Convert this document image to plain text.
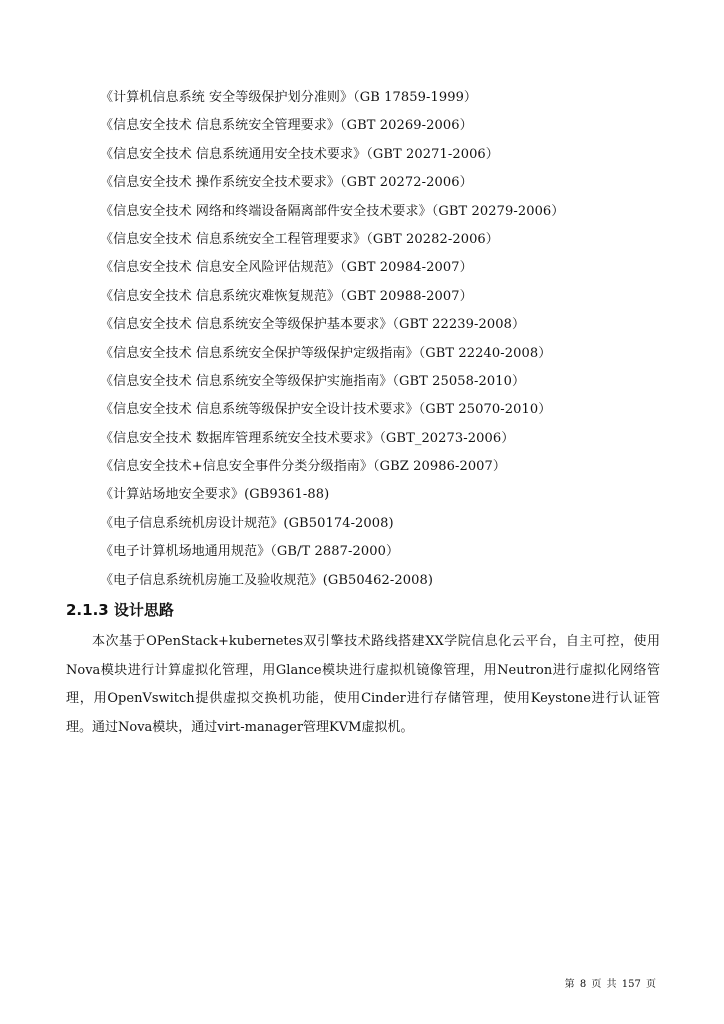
《计算机信息系统 安全等级保护划分准则》（GB 17859-1999）
《信息安全技术 信息系统安全管理要求》（GBT 20269-2006）
《信息安全技术 信息系统通用安全技术要求》（GBT 20271-2006）
《信息安全技术 操作系统安全技术要求》（GBT 20272-2006）
《信息安全技术 网络和终端设备隔离部件安全技术要求》（GBT 20279-2006）
《信息安全技术 信息系统安全工程管理要求》（GBT 20282-2006）
《信息安全技术 信息安全风险评估规范》（GBT 20984-2007）
《信息安全技术 信息系统灾难恢复规范》（GBT 20988-2007）
《信息安全技术 信息系统安全等级保护基本要求》（GBT 22239-2008）
《信息安全技术 信息系统安全保护等级保护定级指南》（GBT 22240-2008）
《信息安全技术 信息系统安全等级保护实施指南》（GBT 25058-2010）
《信息安全技术 信息系统等级保护安全设计技术要求》（GBT 25070-2010）
《信息安全技术 数据库管理系统安全技术要求》（GBT_20273-2006）
《信息安全技术+信息安全事件分类分级指南》（GBZ 20986-2007）
《计算站场地安全要求》(GB9361-88)
《电子信息系统机房设计规范》(GB50174-2008)
《电子计算机场地通用规范》（GB/T 2887-2000）
《电子信息系统机房施工及验收规范》(GB50462-2008)
2.1.3 设计思路

本次基于OPenStack+kubernetes双引擎技术路线搭建XX学院信息化云平台，自主可控，使用Nova模块进行计算虚拟化管理，用Glance模块进行虚拟机镜像管理，用Neutron进行虚拟化网络管理，用OpenVswitch提供虚拟交换机功能，使用Cinder进行存储管理，使用Keystone进行认证管理。通过Nova模块，通过virt-manager管理KVM虚拟机。

第 8 页 共 157 页
